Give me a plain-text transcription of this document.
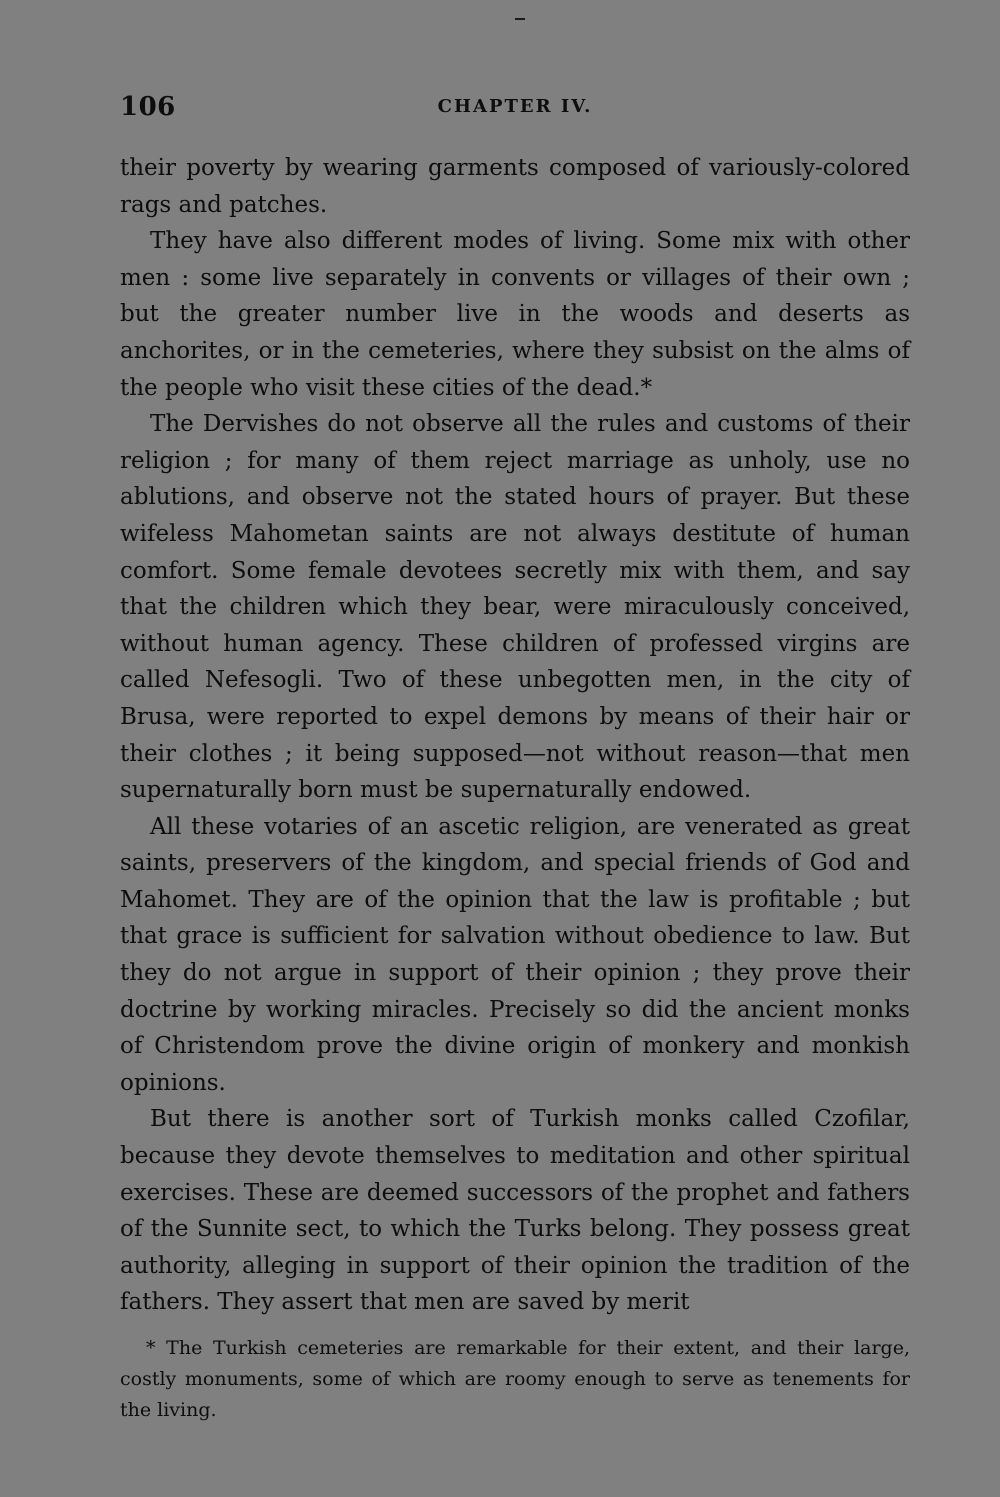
106	CHAPTER IV.

their poverty by wearing garments composed of variously-colored rags and patches.

They have also different modes of living. Some mix with other men : some live separately in convents or villages of their own ; but the greater number live in the woods and deserts as anchorites, or in the cemeteries, where they subsist on the alms of the people who visit these cities of the dead.*

The Dervishes do not observe all the rules and customs of their religion ; for many of them reject marriage as unholy, use no ablutions, and observe not the stated hours of prayer. But these wifeless Mahometan saints are not always destitute of human comfort. Some female devotees secretly mix with them, and say that the children which they bear, were miraculously conceived, without human agency. These children of professed virgins are called Nefesogli. Two of these unbegotten men, in the city of Brusa, were reported to expel demons by means of their hair or their clothes ; it being supposed—not without reason—that men supernaturally born must be supernaturally endowed.

All these votaries of an ascetic religion, are venerated as great saints, preservers of the kingdom, and special friends of God and Mahomet. They are of the opinion that the law is profitable ; but that grace is sufficient for salvation without obedience to law. But they do not argue in support of their opinion ; they prove their doctrine by working miracles. Precisely so did the ancient monks of Christendom prove the divine origin of monkery and monkish opinions.

But there is another sort of Turkish monks called Czofilar, because they devote themselves to meditation and other spiritual exercises. These are deemed successors of the prophet and fathers of the Sunnite sect, to which the Turks belong. They possess great authority, alleging in support of their opinion the tradition of the fathers. They assert that men are saved by merit

* The Turkish cemeteries are remarkable for their extent, and their large, costly monuments, some of which are roomy enough to serve as tenements for the living.
